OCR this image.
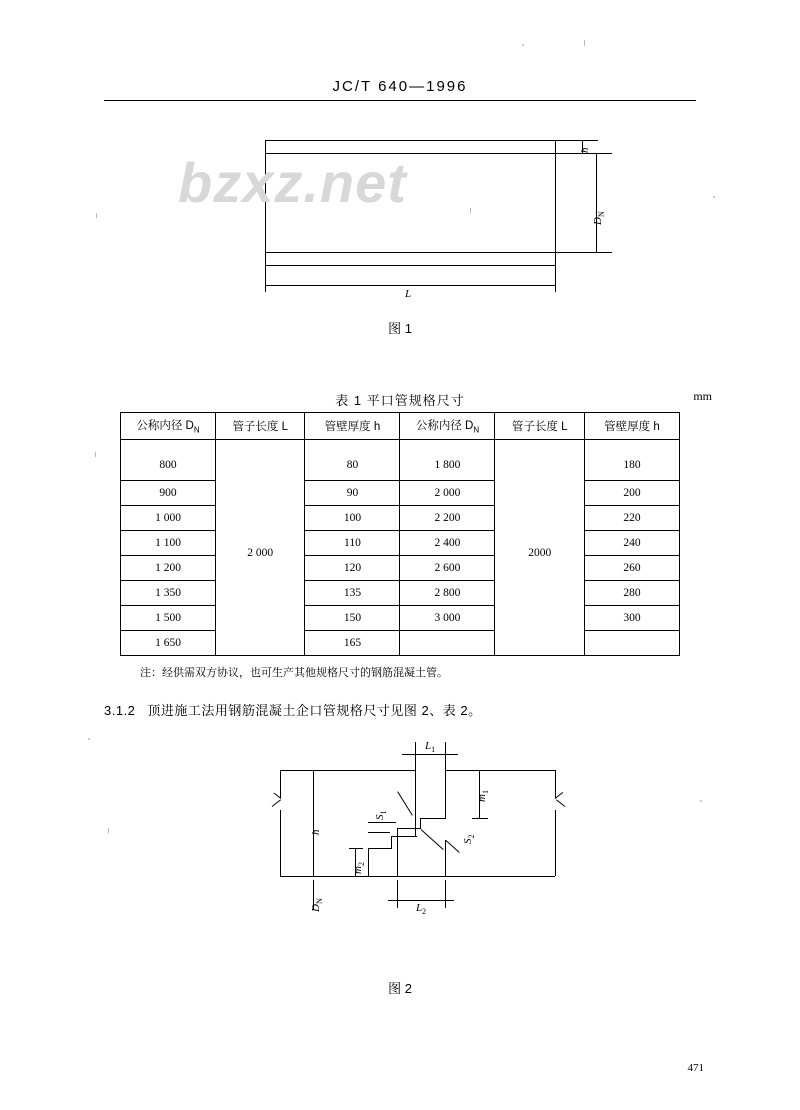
JC/T 640—1996
bzxz.net
h
$D_N$
L
图 1
表 1 平口管规格尺寸	mm
公称内径 $D_N$	管子长度 L	管壁厚度 h	公称内径 $D_N$	管子长度 L	管壁厚度 h
800	2 000	80	1 800	2000	180
900		90	2 000		200
1 000		100	2 200		220
1 100		110	2 400		240
1 200		120	2 600		260
1 350		135	2 800		280
1 500		150	3 000		300
1 650		165			
注：经供需双方协议，也可生产其他规格尺寸的钢筋混凝土管。
3.1.2 顶进施工法用钢筋混凝土企口管规格尺寸见图 2、表 2。
$L_1$
$L_2$
h
$D_N$
$m_1$
$m_2$
$S_1$
$S_2$
图 2
471
